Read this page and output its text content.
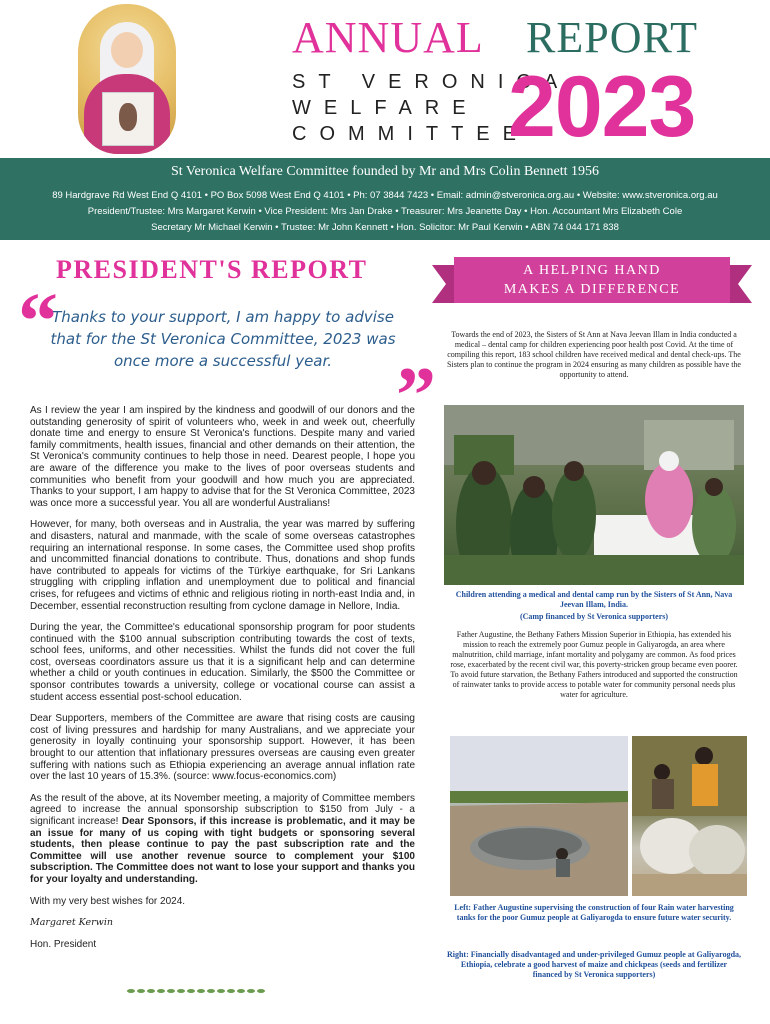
ANNUAL REPORT
ST VERONICA
WELFARE
COMMITTEE
2023
St Veronica Welfare Committee founded by Mr and Mrs Colin Bennett 1956
89 Hardgrave Rd West End Q 4101 • PO Box 5098 West End Q 4101 • Ph: 07 3844 7423 • Email: admin@stveronica.org.au • Website: www.stveronica.org.au
President/Trustee: Mrs Margaret Kerwin • Vice President: Mrs Jan Drake • Treasurer: Mrs Jeanette Day • Hon. Accountant Mrs Elizabeth Cole
Secretary Mr Michael Kerwin • Trustee: Mr John Kennett • Hon. Solicitor: Mr Paul Kerwin • ABN 74 044 171 838
PRESIDENT'S REPORT
“
Thanks to your support, I am happy to advise that for the St Veronica Committee, 2023 was once more a successful year. ”

As I review the year I am inspired by the kindness and goodwill of our donors and the outstanding generosity of spirit of volunteers who, week in and week out, cheerfully donate time and energy to ensure St Veronica's functions. Despite many and varied family commitments, health issues, financial and other demands on their attention, the St Veronica's community continues to help those in need. Dearest people, I hope you are aware of the difference you make to the lives of poor overseas students and communities who benefit from your goodwill and how much you are appreciated. Thanks to your support, I am happy to advise that for the St Veronica Committee, 2023 was once more a successful year. You all are wonderful Australians!

However, for many, both overseas and in Australia, the year was marred by suffering and disasters, natural and manmade, with the scale of some overseas catastrophes requiring an international response. In some cases, the Committee used shop profits and uncommitted financial donations to contribute. Thus, donations and shop funds have contributed to appeals for victims of the Türkiye earthquake, for Sri Lankans struggling with crippling inflation and unemployment due to political and financial crises, for refugees and victims of ethnic and religious rioting in north-east India and, in December, essential reconstruction resulting from cyclone damage in Nellore, India.

During the year, the Committee's educational sponsorship program for poor students continued with the $100 annual subscription contributing towards the cost of texts, school fees, uniforms, and other necessities. Whilst the funds did not cover the full cost, overseas coordinators assure us that it is a significant help and can determine whether a child or youth continues in education. Similarly, the $500 the Committee or sponsor contributes towards a university, college or vocational course can assist a student access essential post-school education.

Dear Supporters, members of the Committee are aware that rising costs are causing cost of living pressures and hardship for many Australians, and we appreciate your generosity in loyally continuing your sponsorship support. However, it has been brought to our attention that inflationary pressures overseas are causing even greater suffering with nations such as Ethiopia experiencing an average annual inflation rate over the last 10 years of 15.3%. (source: www.focus-economics.com)

As the result of the above, at its November meeting, a majority of Committee members agreed to increase the annual sponsorship subscription to $150 from July - a significant increase! Dear Sponsors, if this increase is problematic, and it may be an issue for many of us coping with tight budgets or sponsoring several students, then please continue to pay the past subscription rate and the Committee will use another revenue source to complement your $100 subscription. The Committee does not want to lose your support and thanks you for your loyalty and understanding.

With my very best wishes for 2024.

Margaret Kerwin

Hon. President

A HELPING HAND
MAKES A DIFFERENCE
Towards the end of 2023, the Sisters of St Ann at Nava Jeevan Illam in India conducted a medical – dental camp for children experiencing poor health post Covid. At the time of compiling this report, 183 school children have received medical and dental check-ups. The Sisters plan to continue the program in 2024 ensuring as many children as possible have the opportunity to attend.
Children attending a medical and dental camp run by the Sisters of St Ann, Nava Jeevan Illam, India.
(Camp financed by St Veronica supporters)
Father Augustine, the Bethany Fathers Mission Superior in Ethiopia, has extended his mission to reach the extremely poor Gumuz people in Galiyarogda, an area where malnutrition, child marriage, infant mortality and polygamy are common. As food prices rose, exacerbated by the recent civil war, this poverty-stricken group became even poorer. To avoid future starvation, the Bethany Fathers introduced and supported the construction of rainwater tanks to provide access to potable water for community personal needs plus water for agriculture.
Left: Father Augustine supervising the construction of four Rain water harvesting tanks for the poor Gumuz people at Galiyarogda to ensure future water security.
Right: Financially disadvantaged and under-privileged Gumuz people at Galiyarogda, Ethiopia, celebrate a good harvest of maize and chickpeas (seeds and fertilizer financed by St Veronica supporters)
